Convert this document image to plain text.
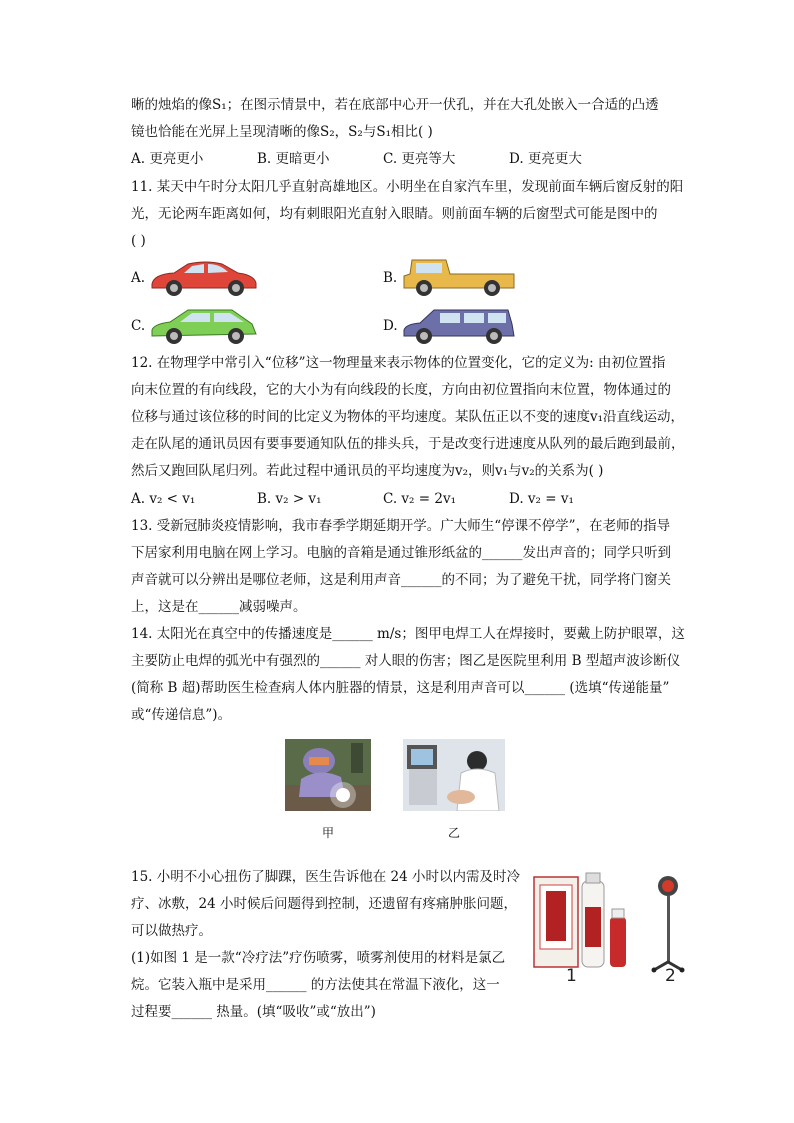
晰的烛焰的像S₁；在图示情景中，若在底部中心开一伏孔，并在大孔处嵌入一合适的凸透
镜也恰能在光屏上呈现清晰的像S₂，S₂与S₁相比( )
A. 更亮更小	B. 更暗更小	C. 更亮等大	D. 更亮更大
11. 某天中午时分太阳几乎直射高雄地区。小明坐在自家汽车里，发现前面车辆后窗反射的阳
光，无论两车距离如何，均有刺眼阳光直射入眼睛。则前面车辆的后窗型式可能是图中的
( )
A.	B.
C.	D.
12. 在物理学中常引入“位移”这一物理量来表示物体的位置变化，它的定义为: 由初位置指
向末位置的有向线段，它的大小为有向线段的长度，方向由初位置指向末位置，物体通过的
位移与通过该位移的时间的比定义为物体的平均速度。某队伍正以不变的速度v₁沿直线运动，
走在队尾的通讯员因有要事要通知队伍的排头兵，于是改变行进速度从队列的最后跑到最前，
然后又跑回队尾归列。若此过程中通讯员的平均速度为v₂，则v₁与v₂的关系为( )
A. v₂ < v₁	B. v₂ > v₁	C. v₂ = 2v₁	D. v₂ = v₁
13. 受新冠肺炎疫情影响，我市春季学期延期开学。广大师生“停课不停学”，在老师的指导
下居家利用电脑在网上学习。电脑的音箱是通过锥形纸盆的______发出声音的；同学只听到
声音就可以分辨出是哪位老师，这是利用声音______的不同；为了避免干扰，同学将门窗关
上，这是在______减弱噪声。
14. 太阳光在真空中的传播速度是______ m/s；图甲电焊工人在焊接时，要戴上防护眼罩，这
主要防止电焊的弧光中有强烈的______ 对人眼的伤害；图乙是医院里利用 B 型超声波诊断仪
(简称 B 超)帮助医生检查病人体内脏器的情景，这是利用声音可以______ (选填“传递能量”
或“传递信息”)。
甲	乙
15. 小明不小心扭伤了脚踝，医生告诉他在 24 小时以内需及时冷
疗、冰敷，24 小时候后问题得到控制，还遗留有疼痛肿胀问题，
可以做热疗。
(1)如图 1 是一款“冷疗法”疗伤喷雾，喷雾剂使用的材料是氯乙
烷。它装入瓶中是采用______ 的方法使其在常温下液化，这一
过程要______ 热量。(填“吸收”或“放出”)
1	2
